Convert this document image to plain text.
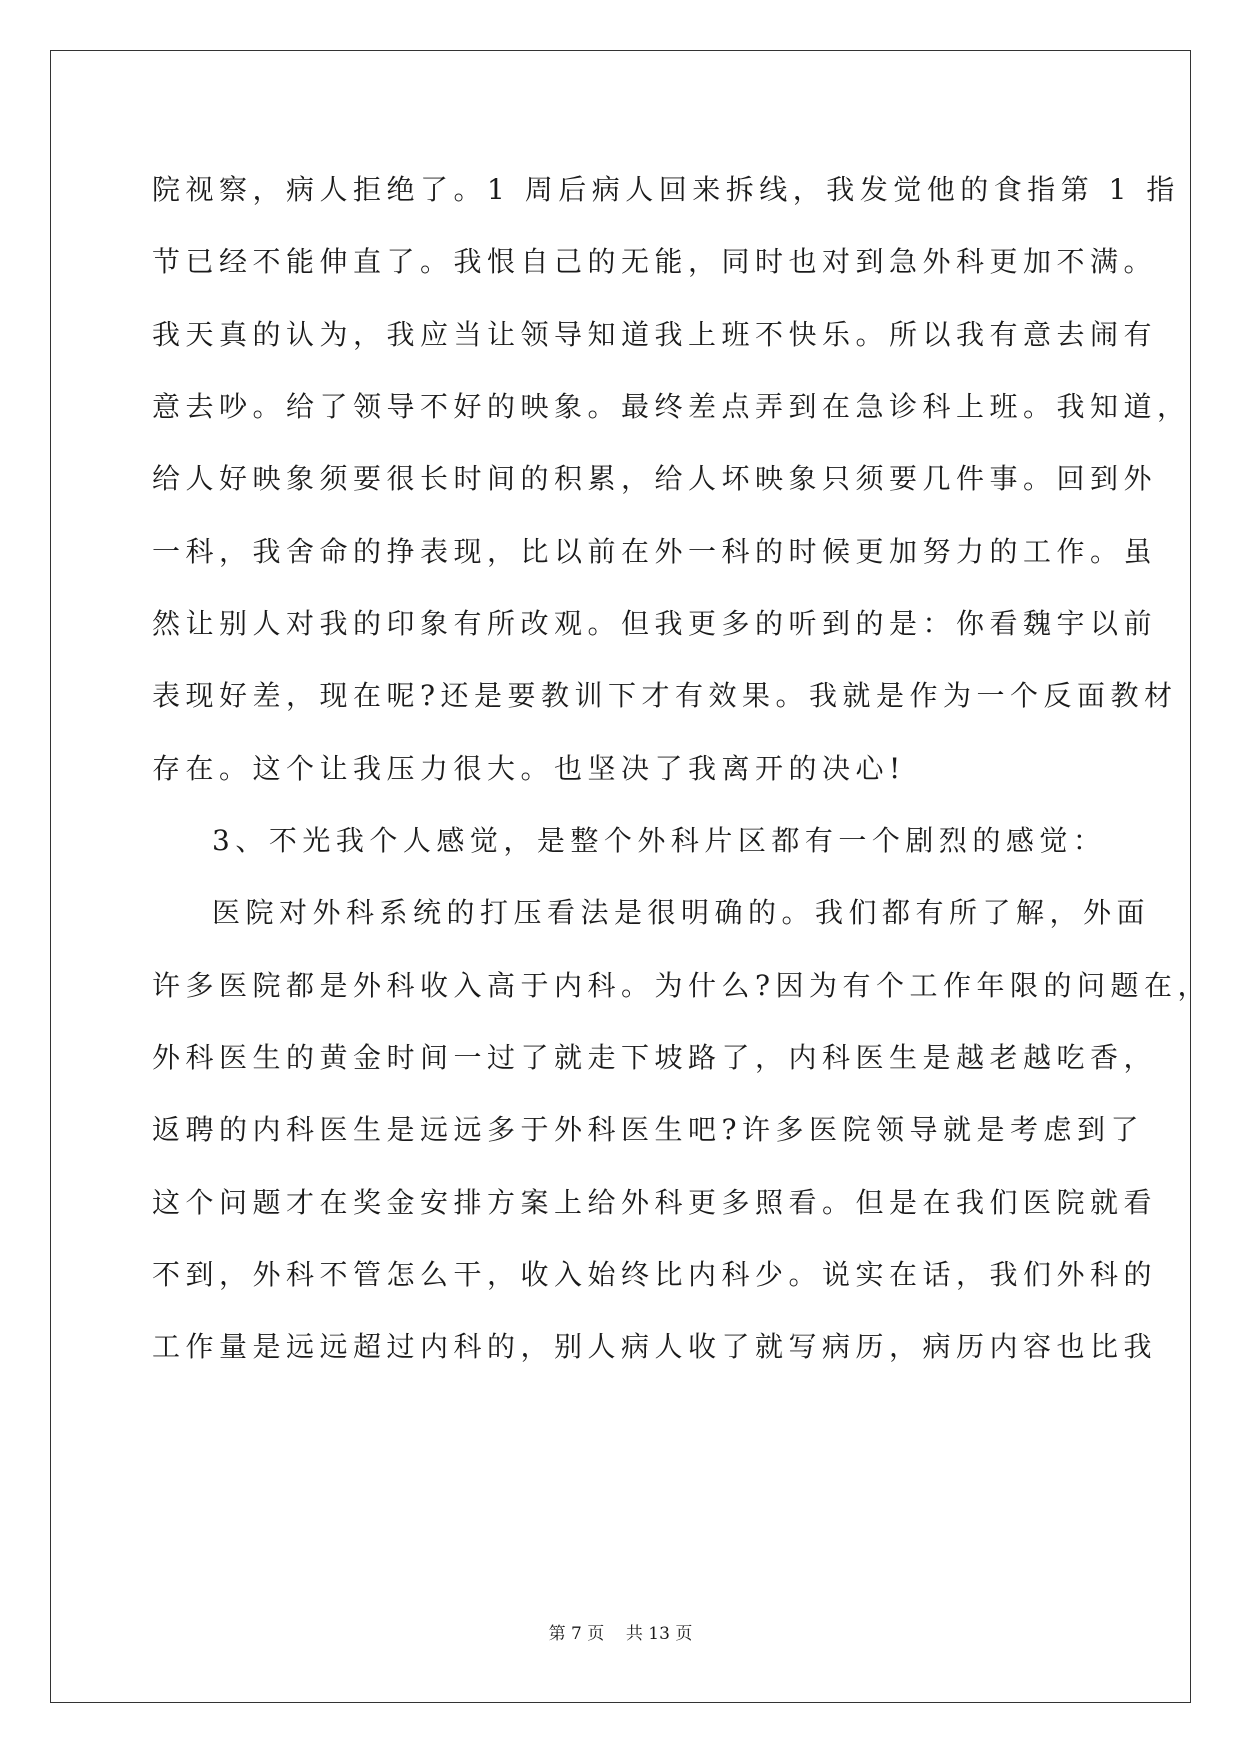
院视察，病人拒绝了。1 周后病人回来拆线，我发觉他的食指第 1 指
节已经不能伸直了。我恨自己的无能，同时也对到急外科更加不满。
我天真的认为，我应当让领导知道我上班不快乐。所以我有意去闹有
意去吵。给了领导不好的映象。最终差点弄到在急诊科上班。我知道，
给人好映象须要很长时间的积累，给人坏映象只须要几件事。回到外
一科，我舍命的挣表现，比以前在外一科的时候更加努力的工作。虽
然让别人对我的印象有所改观。但我更多的听到的是：你看魏宇以前
表现好差，现在呢?还是要教训下才有效果。我就是作为一个反面教材
存在。这个让我压力很大。也坚决了我离开的决心!
3、不光我个人感觉，是整个外科片区都有一个剧烈的感觉：
医院对外科系统的打压看法是很明确的。我们都有所了解，外面
许多医院都是外科收入高于内科。为什么?因为有个工作年限的问题在，
外科医生的黄金时间一过了就走下坡路了，内科医生是越老越吃香，
返聘的内科医生是远远多于外科医生吧?许多医院领导就是考虑到了
这个问题才在奖金安排方案上给外科更多照看。但是在我们医院就看
不到，外科不管怎么干，收入始终比内科少。说实在话，我们外科的
工作量是远远超过内科的，别人病人收了就写病历，病历内容也比我
第 7 页    共 13 页
